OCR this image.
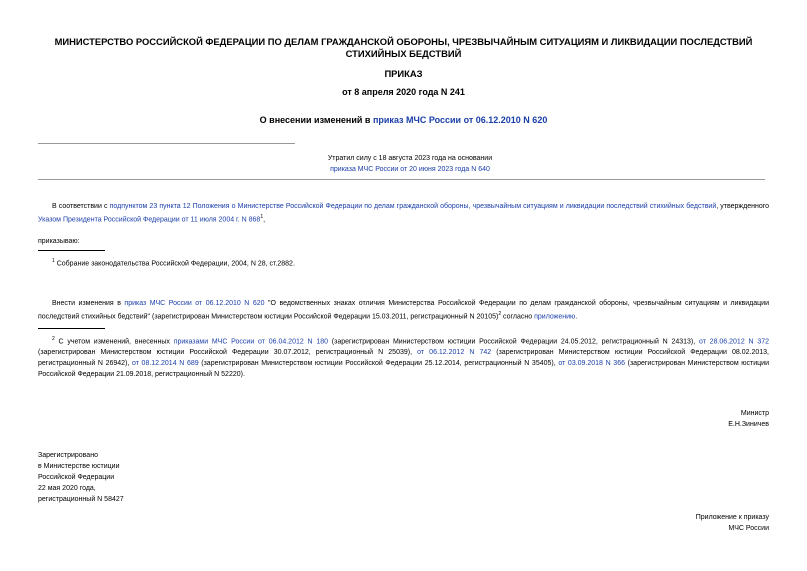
МИНИСТЕРСТВО РОССИЙСКОЙ ФЕДЕРАЦИИ ПО ДЕЛАМ ГРАЖДАНСКОЙ ОБОРОНЫ, ЧРЕЗВЫЧАЙНЫМ СИТУАЦИЯМ И ЛИКВИДАЦИИ ПОСЛЕДСТВИЙ СТИХИЙНЫХ БЕДСТВИЙ
ПРИКАЗ
от 8 апреля 2020 года N 241
О внесении изменений в приказ МЧС России от 06.12.2010 N 620
Утратил силу с 18 августа 2023 года на основании
приказа МЧС России от 20 июня 2023 года N 640
В соответствии с подпунктом 23 пункта 12 Положения о Министерстве Российской Федерации по делам гражданской обороны, чрезвычайным ситуациям и ликвидации последствий стихийных бедствий, утвержденного Указом Президента Российской Федерации от 11 июля 2004 г. N 868$^1$,
приказываю:
$^1$ Собрание законодательства Российской Федерации, 2004, N 28, ст.2882.
Внести изменения в приказ МЧС России от 06.12.2010 N 620 "О ведомственных знаках отличия Министерства Российской Федерации по делам гражданской обороны, чрезвычайным ситуациям и ликвидации последствий стихийных бедствий" (зарегистрирован Министерством юстиции Российской Федерации 15.03.2011, регистрационный N 20105)$^2$ согласно приложению.
$^2$ С учетом изменений, внесенных приказами МЧС России от 06.04.2012 N 180 (зарегистрирован Министерством юстиции Российской Федерации 24.05.2012, регистрационный N 24313), от 28.06.2012 N 372 (зарегистрирован Министерством юстиции Российской Федерации 30.07.2012, регистрационный N 25039), от 06.12.2012 N 742 (зарегистрирован Министерством юстиции Российской Федерации 08.02.2013, регистрационный N 26942), от 08.12.2014 N 689 (зарегистрирован Министерством юстиции Российской Федерации 25.12.2014, регистрационный N 35405), от 03.09.2018 N 366 (зарегистрирован Министерством юстиции Российской Федерации 21.09.2018, регистрационный N 52220).
Министр
Е.Н.Зиничев
Зарегистрировано
в Министерстве юстиции
Российской Федерации
22 мая 2020 года,
регистрационный N 58427
Приложение к приказу
МЧС России
